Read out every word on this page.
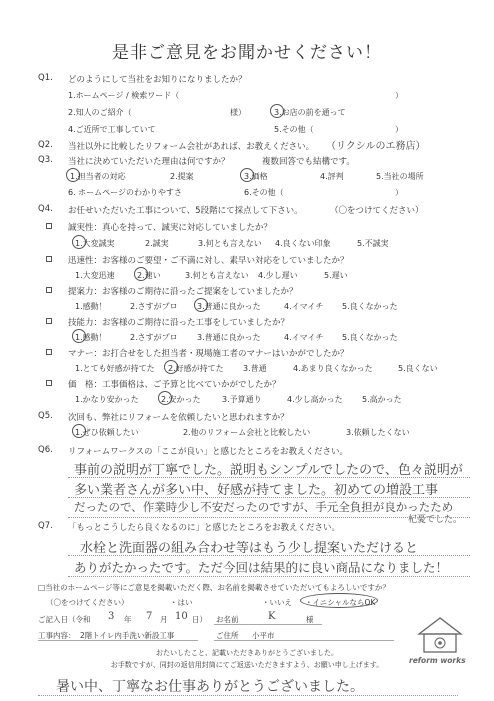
是非ご意見をお聞かせください！
Q1. どのようにして当社をお知りになりましたか？
1.ホームページ / 検索ワード（	）
2.知人のご紹介（	様）	3.お店の前を通って
4.ご近所で工事していて	5.その他（	）
Q2. 当社以外に比較したリフォーム会社があれば、お教えください。 （リクシルのエ務店）
Q3. 当社に決めていただいた理由は何ですか？	複数回答でも結構です。
1.担当者の対応	2.提案	3.価格	4.評判	5.当社の場所
6. ホームページのわかりやすさ	6.その他（	）
Q4. お任せいただいた工事について、5段階にて採点して下さい。	（〇をつけてください）
誠実性：真心を持って、誠実に対応していましたか？
1.大変誠実	2.誠実	3.何とも言えない 4.良くない印象	5.不誠実
迅速性：お客様のご要望・ご不満に対し、素早い対応をしていましたか？
1.大変迅速	2.速い	3.何とも言えない 4.少し遅い	5.遅い
提案力：お客様のご期待に沿ったご提案をしていましたか？
1.感動！	2.さすがプロ 3.普通に良かった	4.イマイチ 5.良くなかった
技能力：お客様のご期待に沿った工事をしていましたか？
1.感動！	2.さすがプロ 3.普通に良かった	4.イマイチ 5.良くなかった
マナー：お打合せをした担当者・現場施工者のマナーはいかがでしたか？
1.とても好感が持てた 2.好感が持てた 3.普通	4.あまり良くなかった	5.良くない
価　格：工事価格は、ご予算と比べていかがでしたか？
1.かなり安かった	2.安かった	3.予算通り	4.少し高かった 5.高かった
Q5. 次回も、弊社にリフォームを依頼したいと思われますか？
1.ぜひ依頼したい	2.他のリフォーム会社と比較したい	3.依頼したくない
Q6. リフォームワークスの「ここが良い」と感じたところをお教えください。
事前の説明が丁寧でした。説明もシンプルでしたので、色々説明が
多い業者さんが多い中、好感が持てました。初めての増設工事
だったので、作業時少し不安だったのですが、手元全負担が良かったため
杞憂でした。
Q7. 「もっとこうしたら良くなるのに」と感じたところをお教えください。
水栓と洗面器の組み合わせ等はもう少し提案いただけると
ありがたかったです。ただ今回は結果的に良い商品になりました！
□当社のホームページ等にご意見を掲載いただく際、お名前を掲載させていただいてもよろしいですか？
（〇をつけてください）	・はい	・いいえ ・イニシャルならOK
ご記入日（令和 3 年 7 月 10 日） お名前	K	様
工事内容： 2階トイレ内手洗い新設工事	ご住所 小平市
reform works
おたいしたこと、記載いただきありがとうございました。
お手数ですが、同封の返信用封筒にてご返送いただきますよう、お願い申し上げます。
暑い中、丁寧なお仕事ありがとうございました。
